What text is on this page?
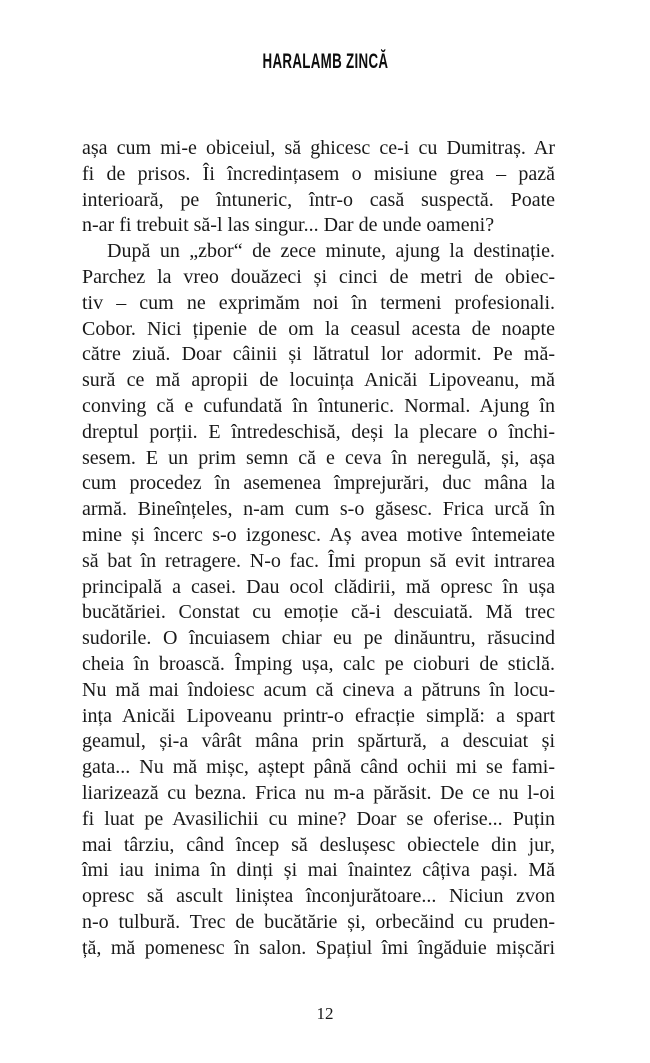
HARALAMB ZINCĂ
așa cum mi-e obiceiul, să ghicesc ce-i cu Dumitraș. Ar
fi de prisos. Îi încredințasem o misiune grea – pază
interioară, pe întuneric, într-o casă suspectă. Poate
n-ar fi trebuit să-l las singur... Dar de unde oameni?
După un „zbor“ de zece minute, ajung la destinație.
Parchez la vreo douăzeci și cinci de metri de obiec-
tiv – cum ne exprimăm noi în termeni profesionali.
Cobor. Nici țipenie de om la ceasul acesta de noapte
către ziuă. Doar câinii și lătratul lor adormit. Pe mă-
sură ce mă apropii de locuința Anicăi Lipoveanu, mă
conving că e cufundată în întuneric. Normal. Ajung în
dreptul porții. E întredeschisă, deși la plecare o închi-
sesem. E un prim semn că e ceva în neregulă, și, așa
cum procedez în asemenea împrejurări, duc mâna la
armă. Bineînțeles, n-am cum s-o găsesc. Frica urcă în
mine și încerc s-o izgonesc. Aș avea motive întemeiate
să bat în retragere. N-o fac. Îmi propun să evit intrarea
principală a casei. Dau ocol clădirii, mă opresc în ușa
bucătăriei. Constat cu emoție că-i descuiată. Mă trec
sudorile. O încuiasem chiar eu pe dinăuntru, răsucind
cheia în broască. Împing ușa, calc pe cioburi de sticlă.
Nu mă mai îndoiesc acum că cineva a pătruns în locu-
ința Anicăi Lipoveanu printr-o efracție simplă: a spart
geamul, și-a vârât mâna prin spărtură, a descuiat și
gata... Nu mă mișc, aștept până când ochii mi se fami-
liarizează cu bezna. Frica nu m-a părăsit. De ce nu l-oi
fi luat pe Avasilichii cu mine? Doar se oferise... Puțin
mai târziu, când încep să deslușesc obiectele din jur,
îmi iau inima în dinți și mai înaintez câțiva pași. Mă
opresc să ascult liniștea înconjurătoare... Niciun zvon
n-o tulbură. Trec de bucătărie și, orbecăind cu pruden-
ță, mă pomenesc în salon. Spațiul îmi îngăduie mișcări
12
